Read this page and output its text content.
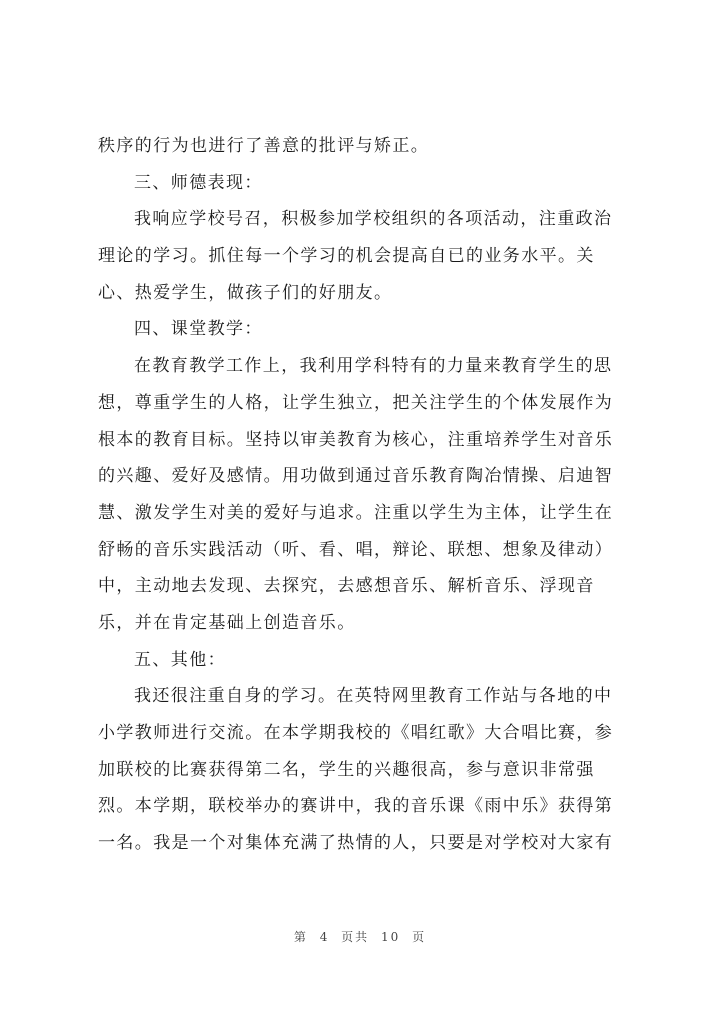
秩序的行为也进行了善意的批评与矫正。
三、师德表现：
我响应学校号召，积极参加学校组织的各项活动，注重政治
理论的学习。抓住每一个学习的机会提高自已的业务水平。关
心、热爱学生，做孩子们的好朋友。
四、课堂教学：
在教育教学工作上，我利用学科特有的力量来教育学生的思
想，尊重学生的人格，让学生独立，把关注学生的个体发展作为
根本的教育目标。坚持以审美教育为核心，注重培养学生对音乐
的兴趣、爱好及感情。用功做到通过音乐教育陶冶情操、启迪智
慧、激发学生对美的爱好与追求。注重以学生为主体，让学生在
舒畅的音乐实践活动（听、看、唱，辩论、联想、想象及律动）
中，主动地去发现、去探究，去感想音乐、解析音乐、浮现音
乐，并在肯定基础上创造音乐。
五、其他：
我还很注重自身的学习。在英特网里教育工作站与各地的中
小学教师进行交流。在本学期我校的《唱红歌》大合唱比赛，参
加联校的比赛获得第二名，学生的兴趣很高，参与意识非常强
烈。本学期，联校举办的赛讲中，我的音乐课《雨中乐》获得第
一名。我是一个对集体充满了热情的人，只要是对学校对大家有
第 4 页共 10 页
